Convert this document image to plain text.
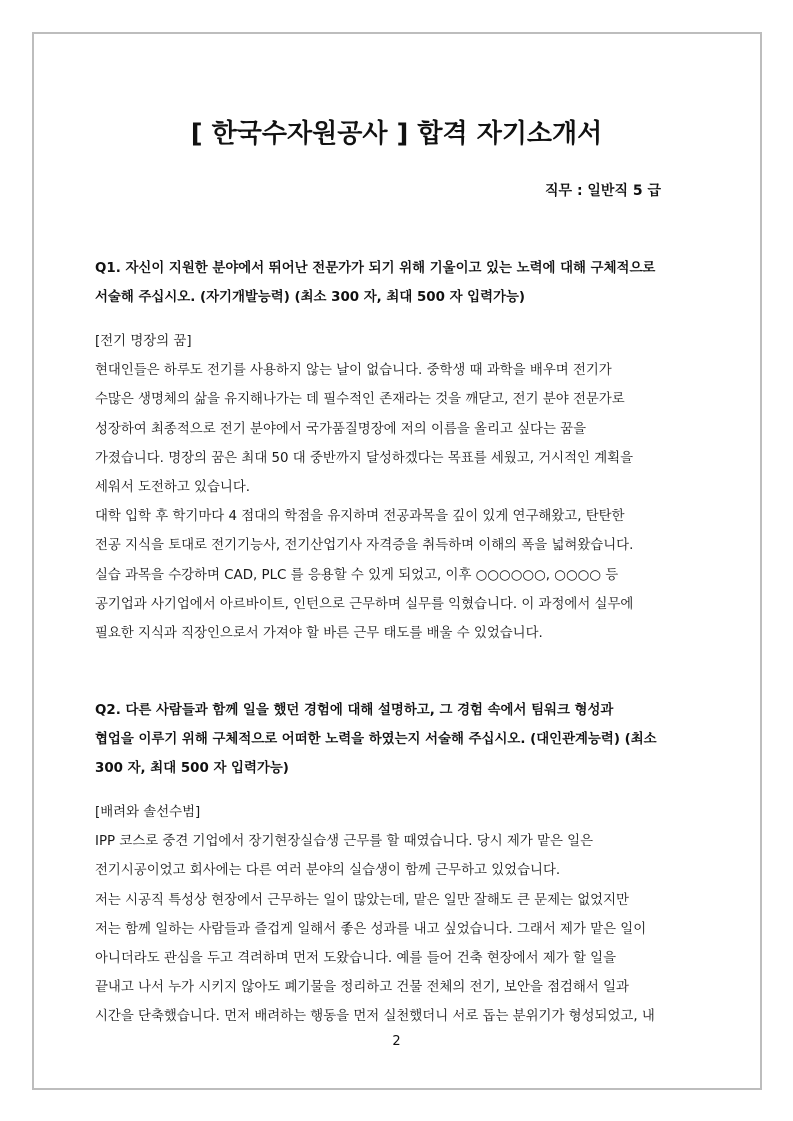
[ 한국수자원공사 ] 합격 자기소개서
직무 : 일반직 5 급
Q1. 자신이 지원한 분야에서 뛰어난 전문가가 되기 위해 기울이고 있는 노력에 대해 구체적으로
서술해 주십시오. (자기개발능력) (최소 300 자, 최대 500 자 입력가능)
[전기 명장의 꿈]
현대인들은 하루도 전기를 사용하지 않는 날이 없습니다. 중학생 때 과학을 배우며 전기가
수많은 생명체의 삶을 유지해나가는 데 필수적인 존재라는 것을 깨닫고, 전기 분야 전문가로
성장하여 최종적으로 전기 분야에서 국가품질명장에 저의 이름을 올리고 싶다는 꿈을
가졌습니다. 명장의 꿈은 최대 50 대 중반까지 달성하겠다는 목표를 세웠고, 거시적인 계획을
세워서 도전하고 있습니다.
대학 입학 후 학기마다 4 점대의 학점을 유지하며 전공과목을 깊이 있게 연구해왔고, 탄탄한
전공 지식을 토대로 전기기능사, 전기산업기사 자격증을 취득하며 이해의 폭을 넓혀왔습니다.
실습 과목을 수강하며 CAD, PLC 를 응용할 수 있게 되었고, 이후 ○○○○○○, ○○○○ 등
공기업과 사기업에서 아르바이트, 인턴으로 근무하며 실무를 익혔습니다. 이 과정에서 실무에
필요한 지식과 직장인으로서 가져야 할 바른 근무 태도를 배울 수 있었습니다.
Q2. 다른 사람들과 함께 일을 했던 경험에 대해 설명하고, 그 경험 속에서 팀워크 형성과
협업을 이루기 위해 구체적으로 어떠한 노력을 하였는지 서술해 주십시오. (대인관계능력) (최소
300 자, 최대 500 자 입력가능)
[배려와 솔선수범]
IPP 코스로 중견 기업에서 장기현장실습생 근무를 할 때였습니다. 당시 제가 맡은 일은
전기시공이었고 회사에는 다른 여러 분야의 실습생이 함께 근무하고 있었습니다.
저는 시공직 특성상 현장에서 근무하는 일이 많았는데, 맡은 일만 잘해도 큰 문제는 없었지만
저는 함께 일하는 사람들과 즐겁게 일해서 좋은 성과를 내고 싶었습니다. 그래서 제가 맡은 일이
아니더라도 관심을 두고 격려하며 먼저 도왔습니다. 예를 들어 건축 현장에서 제가 할 일을
끝내고 나서 누가 시키지 않아도 폐기물을 정리하고 건물 전체의 전기, 보안을 점검해서 일과
시간을 단축했습니다. 먼저 배려하는 행동을 먼저 실천했더니 서로 돕는 분위기가 형성되었고, 내
2
